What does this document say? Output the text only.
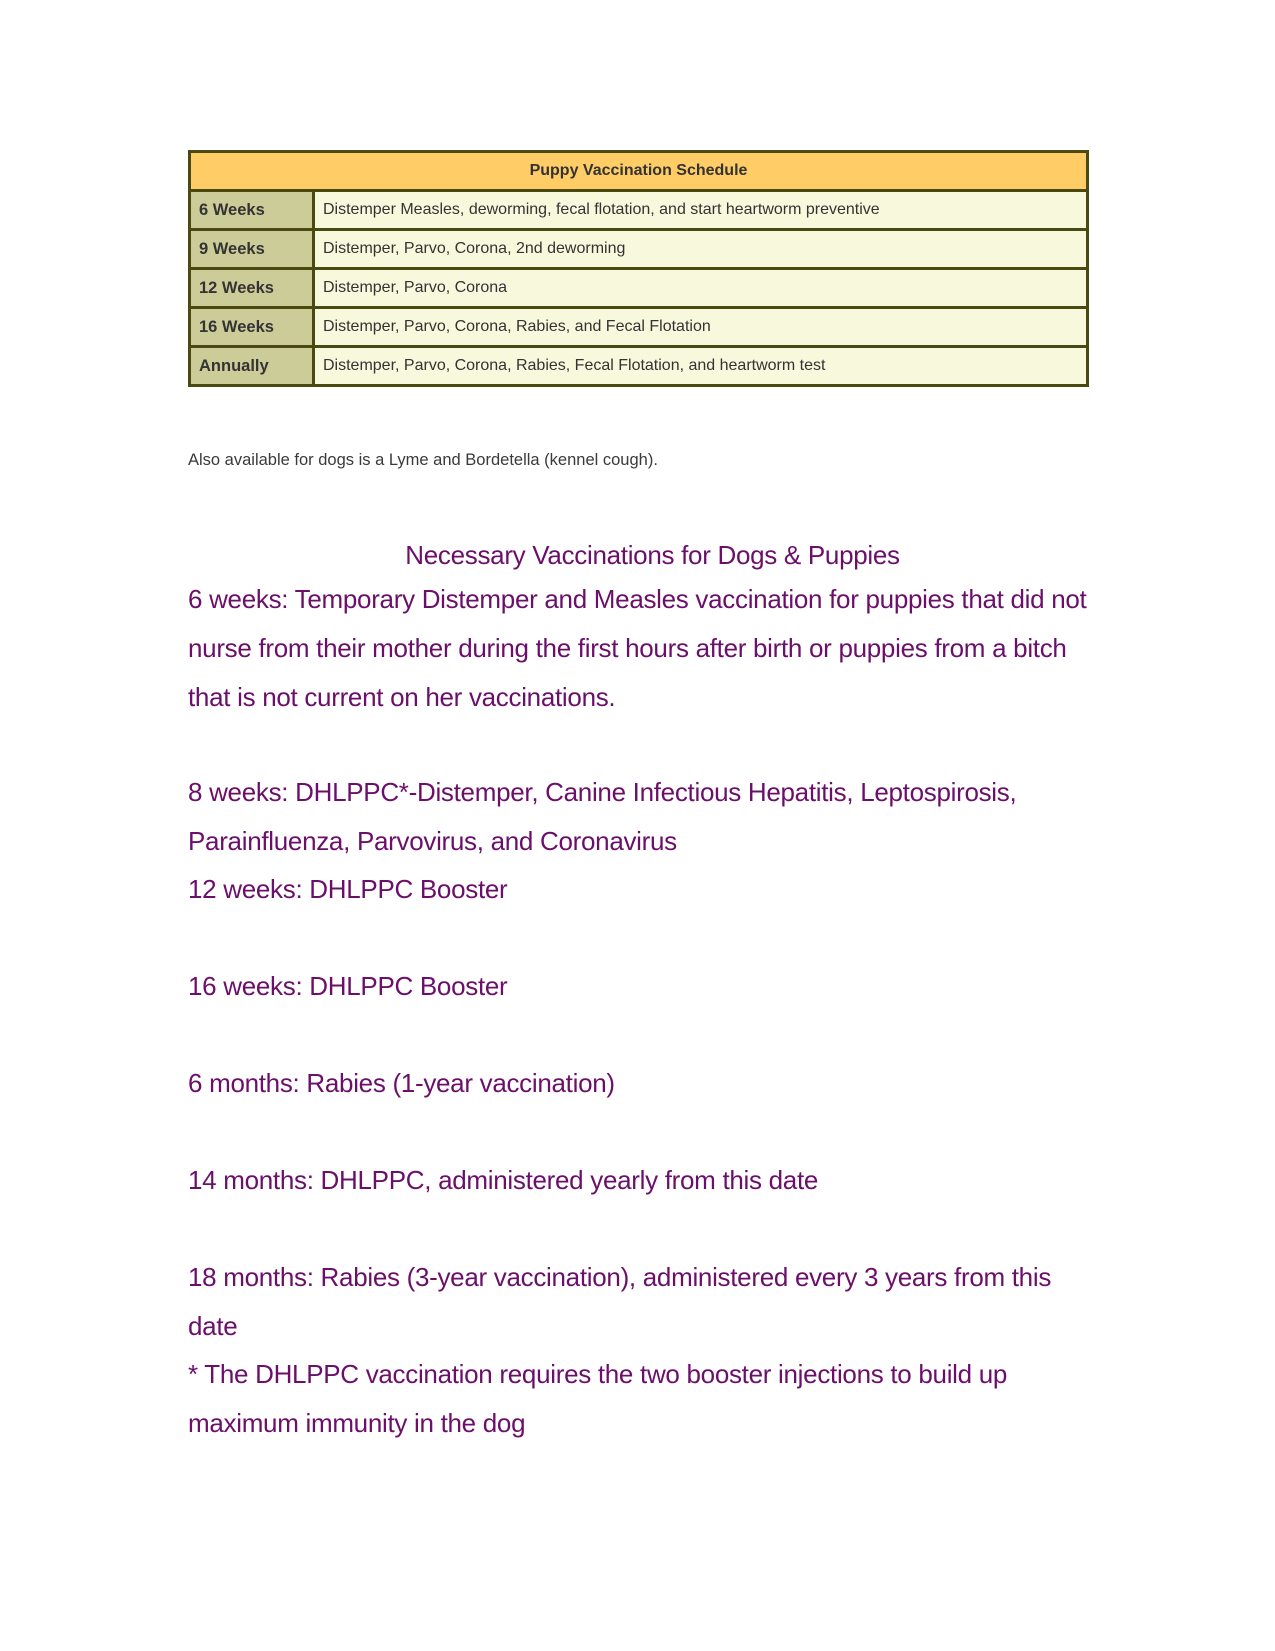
Puppy Vaccination Schedule	
6 Weeks	Distemper Measles, deworming, fecal flotation, and start heartworm preventive
9 Weeks	Distemper, Parvo, Corona, 2nd deworming
12 Weeks	Distemper, Parvo, Corona
16 Weeks	Distemper, Parvo, Corona, Rabies, and Fecal Flotation
Annually	Distemper, Parvo, Corona, Rabies, Fecal Flotation, and heartworm test

Also available for dogs is a Lyme and Bordetella (kennel cough).

Necessary Vaccinations for Dogs & Puppies

6 weeks: Temporary Distemper and Measles vaccination for puppies that did not nurse from their mother during the first hours after birth or puppies from a bitch that is not current on her vaccinations.

8 weeks: DHLPPC*-Distemper, Canine Infectious Hepatitis, Leptospirosis, Parainfluenza, Parvovirus, and Coronavirus

12 weeks: DHLPPC Booster

16 weeks: DHLPPC Booster

6 months: Rabies (1-year vaccination)

14 months: DHLPPC, administered yearly from this date

18 months: Rabies (3-year vaccination), administered every 3 years from this date

* The DHLPPC vaccination requires the two booster injections to build up maximum immunity in the dog
